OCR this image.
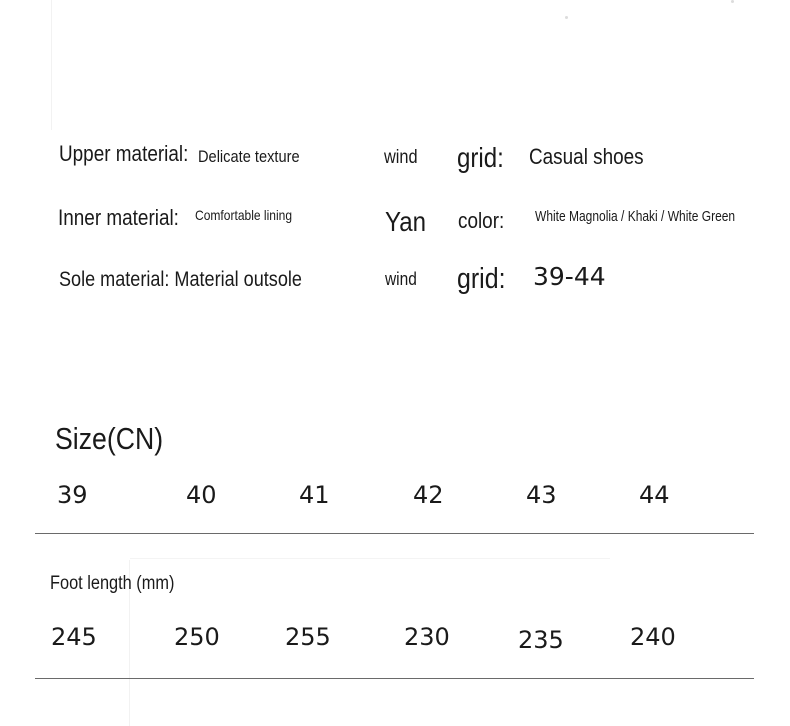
Upper material: Delicate texture	wind grid: Casual shoes
Inner material: Comfortable lining	Yan color: White Magnolia / Khaki / White Green
Sole material: Material outsole	wind grid: 39-44
Size(CN)
39	40	41	42	43	44
Foot length (mm)
245	250	255	230	235	240
